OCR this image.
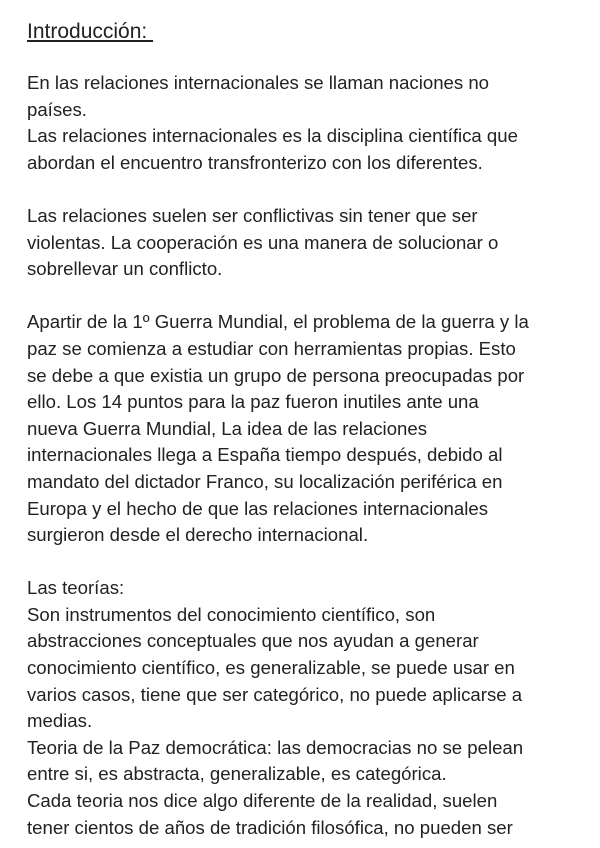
Introducción:
En las relaciones internacionales se llaman naciones no
países.
Las relaciones internacionales es la disciplina científica que
abordan el encuentro transfronterizo con los diferentes.
Las relaciones suelen ser conflictivas sin tener que ser
violentas. La cooperación es una manera de solucionar o
sobrellevar un conflicto.
Apartir de la 1º Guerra Mundial, el problema de la guerra y la
paz se comienza a estudiar con herramientas propias. Esto
se debe a que existia un grupo de persona preocupadas por
ello. Los 14 puntos para la paz fueron inutiles ante una
nueva Guerra Mundial, La idea de las relaciones
internacionales llega a España tiempo después, debido al
mandato del dictador Franco, su localización periférica en
Europa y el hecho de que las relaciones internacionales
surgieron desde el derecho internacional.
Las teorías:
Son instrumentos del conocimiento científico, son
abstracciones conceptuales que nos ayudan a generar
conocimiento científico, es generalizable, se puede usar en
varios casos, tiene que ser categórico, no puede aplicarse a
medias.
Teoria de la Paz democrática: las democracias no se pelean
entre si, es abstracta, generalizable, es categórica.
Cada teoria nos dice algo diferente de la realidad, suelen
tener cientos de años de tradición filosófica, no pueden ser
